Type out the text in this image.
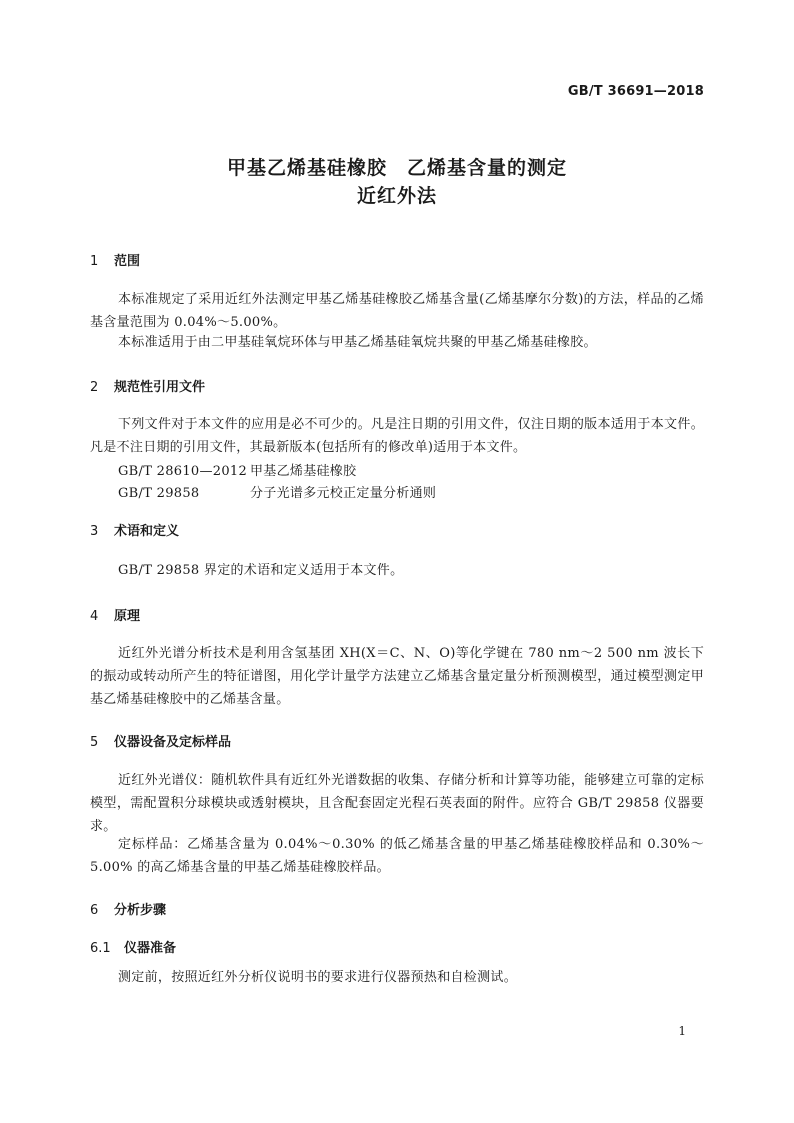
GB/T 36691—2018
甲基乙烯基硅橡胶　乙烯基含量的测定
近红外法
1 范围
本标准规定了采用近红外法测定甲基乙烯基硅橡胶乙烯基含量(乙烯基摩尔分数)的方法，样品的乙烯基含量范围为 0.04%～5.00%。
本标准适用于由二甲基硅氧烷环体与甲基乙烯基硅氧烷共聚的甲基乙烯基硅橡胶。
2 规范性引用文件
下列文件对于本文件的应用是必不可少的。凡是注日期的引用文件，仅注日期的版本适用于本文件。凡是不注日期的引用文件，其最新版本(包括所有的修改单)适用于本文件。
GB/T 28610—2012 甲基乙烯基硅橡胶
GB/T 29858	分子光谱多元校正定量分析通则
3 术语和定义
GB/T 29858 界定的术语和定义适用于本文件。
4 原理
近红外光谱分析技术是利用含氢基团 XH(X＝C、N、O)等化学键在 780 nm～2 500 nm 波长下的振动或转动所产生的特征谱图，用化学计量学方法建立乙烯基含量定量分析预测模型，通过模型测定甲基乙烯基硅橡胶中的乙烯基含量。
5 仪器设备及定标样品
近红外光谱仪：随机软件具有近红外光谱数据的收集、存储分析和计算等功能，能够建立可靠的定标模型，需配置积分球模块或透射模块，且含配套固定光程石英表面的附件。应符合 GB/T 29858 仪器要求。
定标样品：乙烯基含量为 0.04%～0.30% 的低乙烯基含量的甲基乙烯基硅橡胶样品和 0.30%～5.00% 的高乙烯基含量的甲基乙烯基硅橡胶样品。
6 分析步骤
6.1 仪器准备
测定前，按照近红外分析仪说明书的要求进行仪器预热和自检测试。
1
